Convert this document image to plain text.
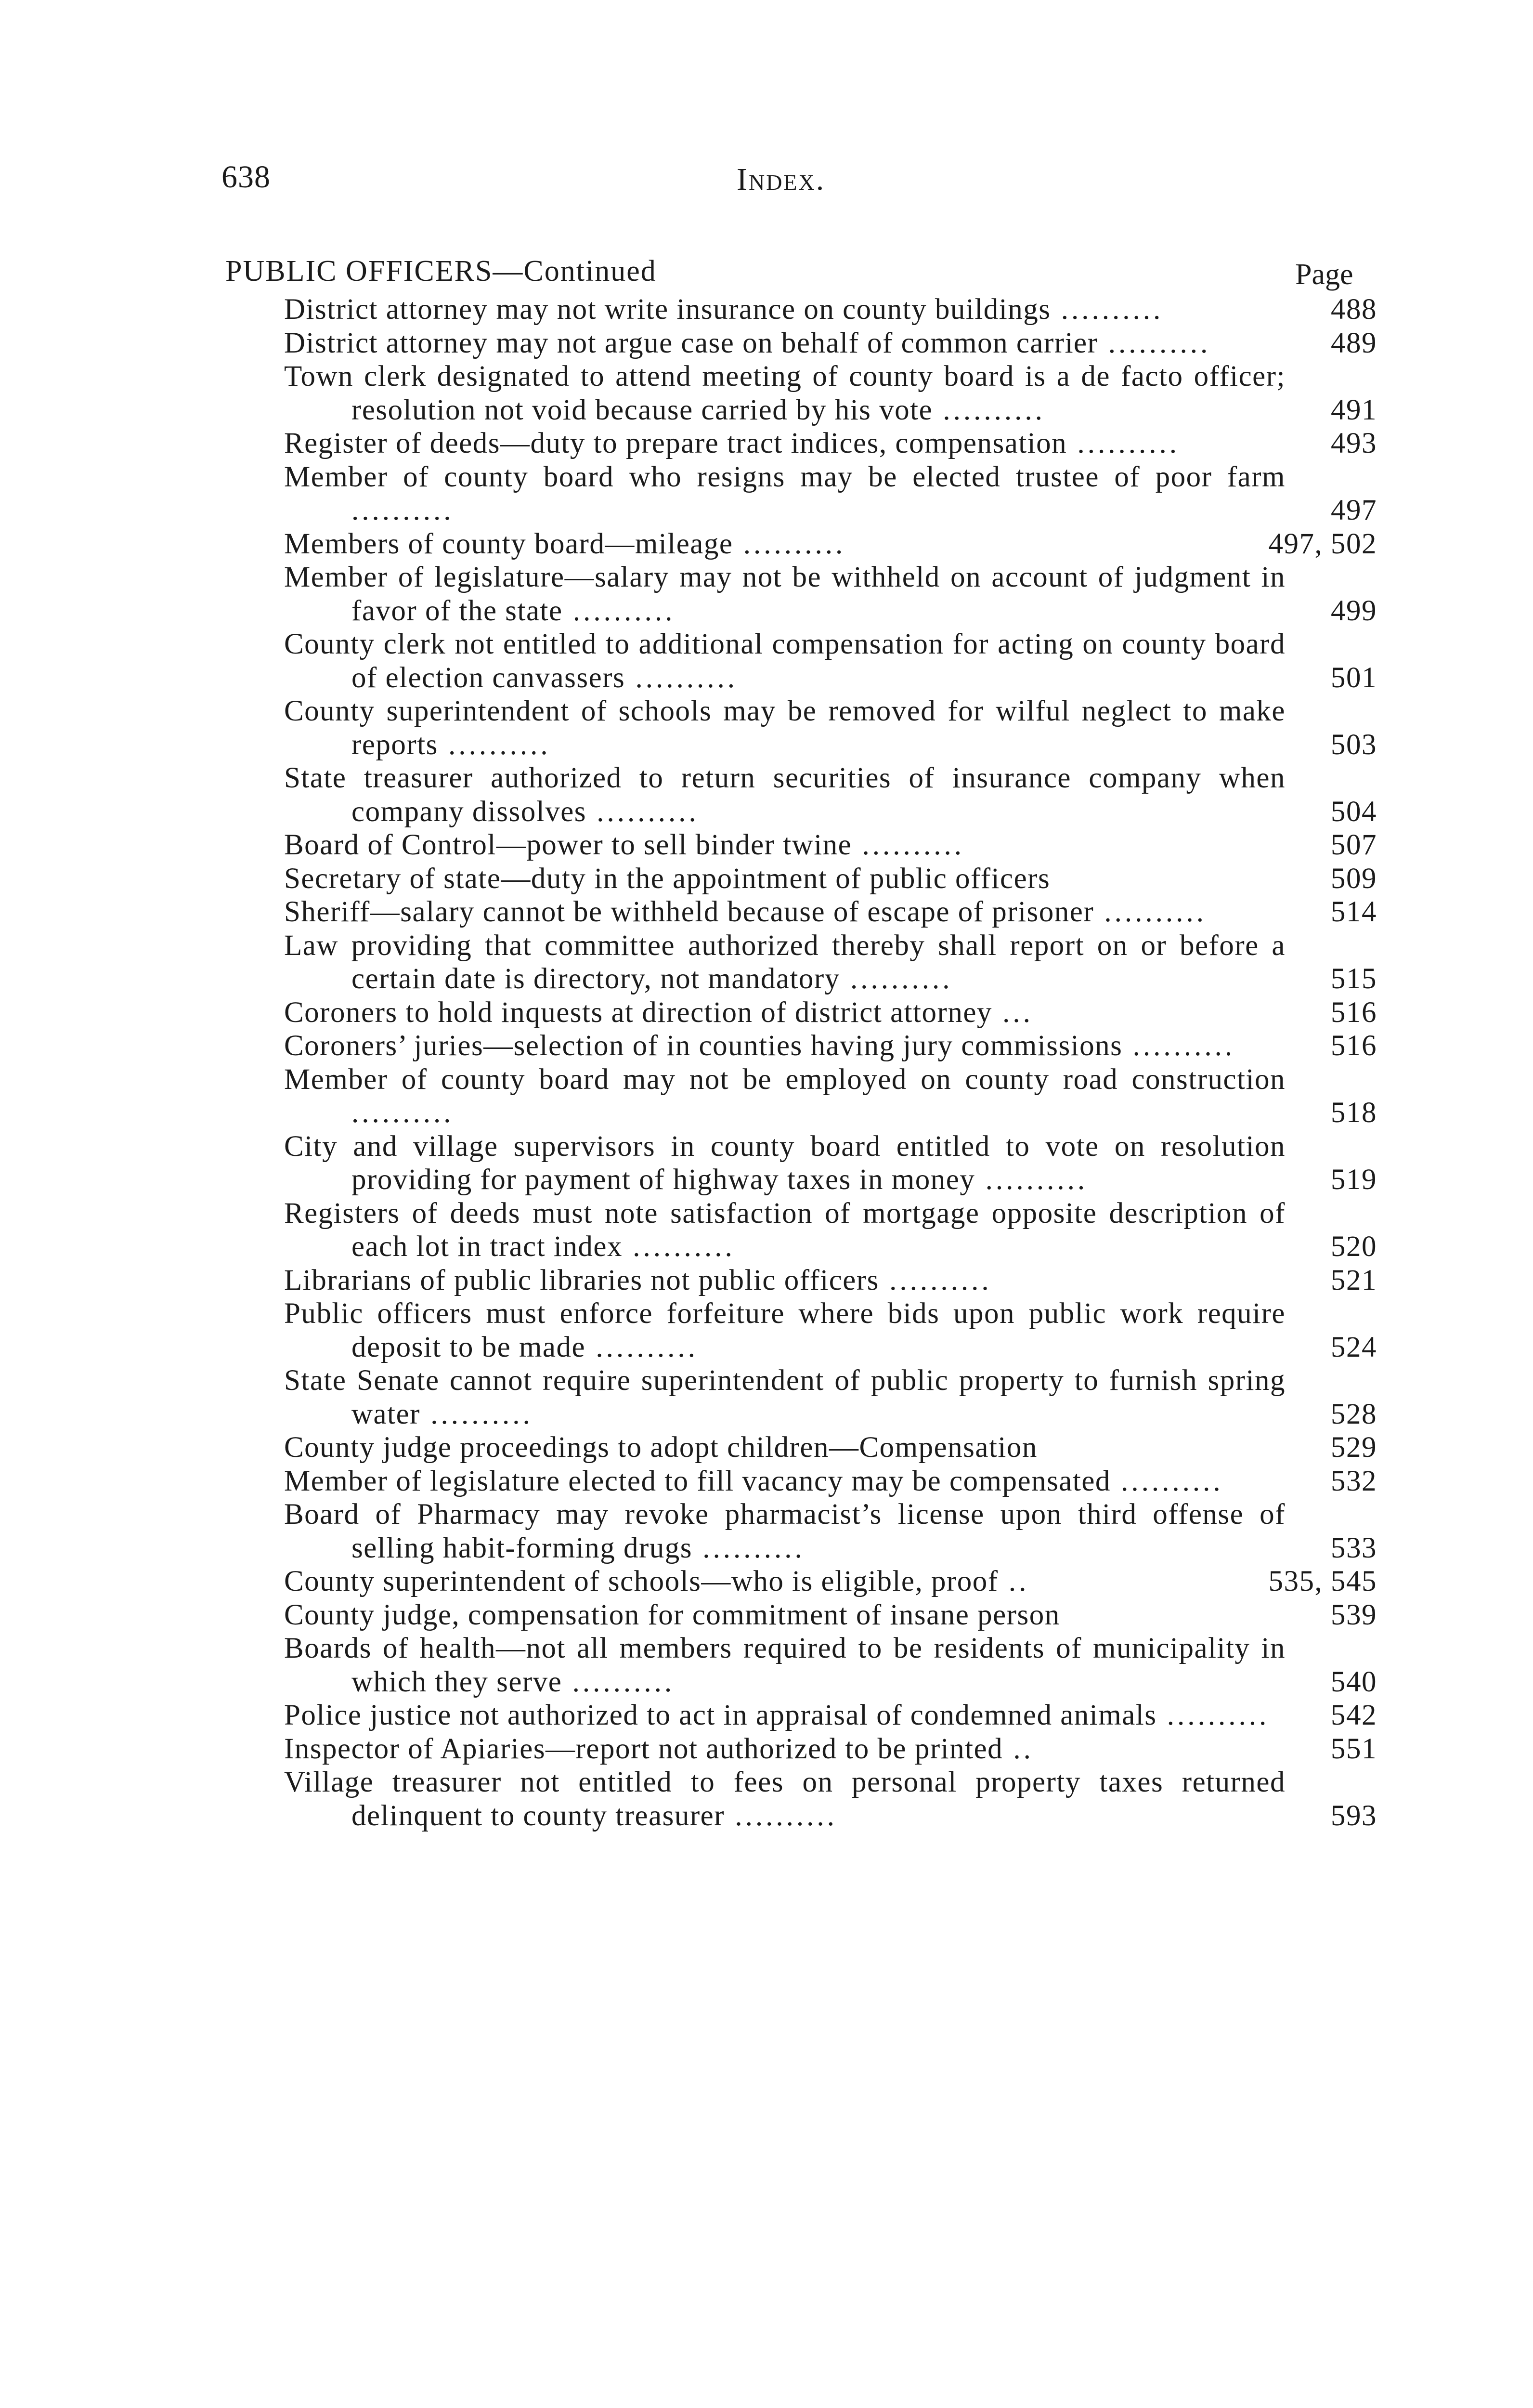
638	Index.
PUBLIC OFFICERS—Continued	Page
District attorney may not write insurance on county buildings ..........	488
District attorney may not argue case on behalf of common carrier ..........	489
Town clerk designated to attend meeting of county board is a de facto officer; resolution not void because carried by his vote ..........	491
Register of deeds—duty to prepare tract indices, compensation ..........	493
Member of county board who resigns may be elected trustee of poor farm ..........	497
Members of county board—mileage ..........	497, 502
Member of legislature—salary may not be withheld on account of judgment in favor of the state ..........	499
County clerk not entitled to additional compensation for acting on county board of election canvassers ..........	501
County superintendent of schools may be removed for wilful neglect to make reports ..........	503
State treasurer authorized to return securities of insurance company when company dissolves ..........	504
Board of Control—power to sell binder twine ..........	507
Secretary of state—duty in the appointment of public officers	509
Sheriff—salary cannot be withheld because of escape of prisoner ..........	514
Law providing that committee authorized thereby shall report on or before a certain date is directory, not mandatory ..........	515
Coroners to hold inquests at direction of district attorney ...	516
Coroners’ juries—selection of in counties having jury commissions ..........	516
Member of county board may not be employed on county road construction ..........	518
City and village supervisors in county board entitled to vote on resolution providing for payment of highway taxes in money ..........	519
Registers of deeds must note satisfaction of mortgage opposite description of each lot in tract index ..........	520
Librarians of public libraries not public officers ..........	521
Public officers must enforce forfeiture where bids upon public work require deposit to be made ..........	524
State Senate cannot require superintendent of public property to furnish spring water ..........	528
County judge proceedings to adopt children—Compensation	529
Member of legislature elected to fill vacancy may be compensated ..........	532
Board of Pharmacy may revoke pharmacist’s license upon third offense of selling habit-forming drugs ..........	533
County superintendent of schools—who is eligible, proof ..	535, 545
County judge, compensation for commitment of insane person	539
Boards of health—not all members required to be residents of municipality in which they serve ..........	540
Police justice not authorized to act in appraisal of condemned animals .......... 542
Inspector of Apiaries—report not authorized to be printed ..	551
Village treasurer not entitled to fees on personal property taxes returned delinquent to county treasurer ..........	593
